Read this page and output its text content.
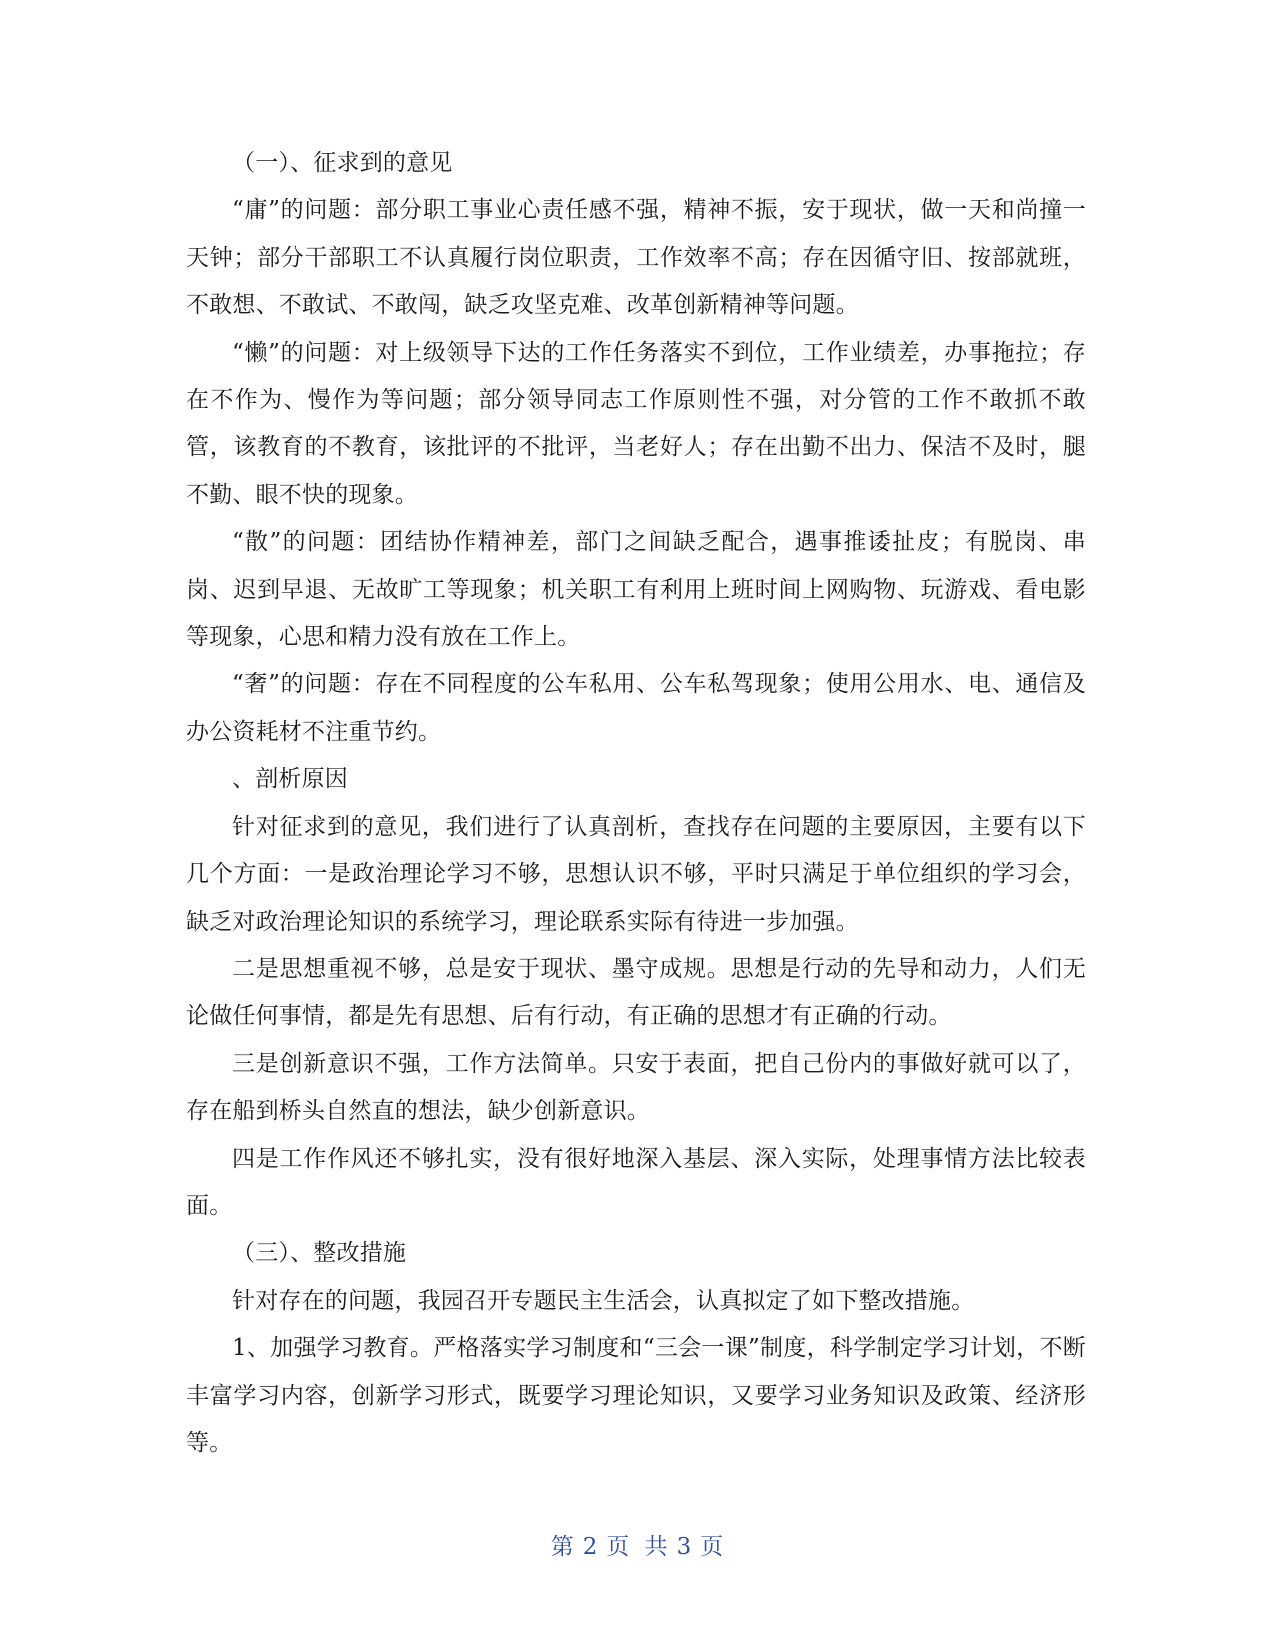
（一）、征求到的意见

“庸”的问题：部分职工事业心责任感不强，精神不振，安于现状，做一天和尚撞一天钟；部分干部职工不认真履行岗位职责，工作效率不高；存在因循守旧、按部就班，不敢想、不敢试、不敢闯，缺乏攻坚克难、改革创新精神等问题。

“懒”的问题：对上级领导下达的工作任务落实不到位，工作业绩差，办事拖拉；存在不作为、慢作为等问题；部分领导同志工作原则性不强，对分管的工作不敢抓不敢管，该教育的不教育，该批评的不批评，当老好人；存在出勤不出力、保洁不及时，腿不勤、眼不快的现象。

“散”的问题：团结协作精神差，部门之间缺乏配合，遇事推诿扯皮；有脱岗、串岗、迟到早退、无故旷工等现象；机关职工有利用上班时间上网购物、玩游戏、看电影等现象，心思和精力没有放在工作上。

“奢”的问题：存在不同程度的公车私用、公车私驾现象；使用公用水、电、通信及办公资耗材不注重节约。

、剖析原因

针对征求到的意见，我们进行了认真剖析，查找存在问题的主要原因，主要有以下几个方面：一是政治理论学习不够，思想认识不够，平时只满足于单位组织的学习会，缺乏对政治理论知识的系统学习，理论联系实际有待进一步加强。

二是思想重视不够，总是安于现状、墨守成规。思想是行动的先导和动力，人们无论做任何事情，都是先有思想、后有行动，有正确的思想才有正确的行动。

三是创新意识不强，工作方法简单。只安于表面，把自己份内的事做好就可以了，存在船到桥头自然直的想法，缺少创新意识。

四是工作作风还不够扎实，没有很好地深入基层、深入实际，处理事情方法比较表面。

（三）、整改措施

针对存在的问题，我园召开专题民主生活会，认真拟定了如下整改措施。

1、加强学习教育。严格落实学习制度和“三会一课”制度，科学制定学习计划，不断丰富学习内容，创新学习形式，既要学习理论知识，又要学习业务知识及政策、经济形等。

第 2 页 共 3 页
